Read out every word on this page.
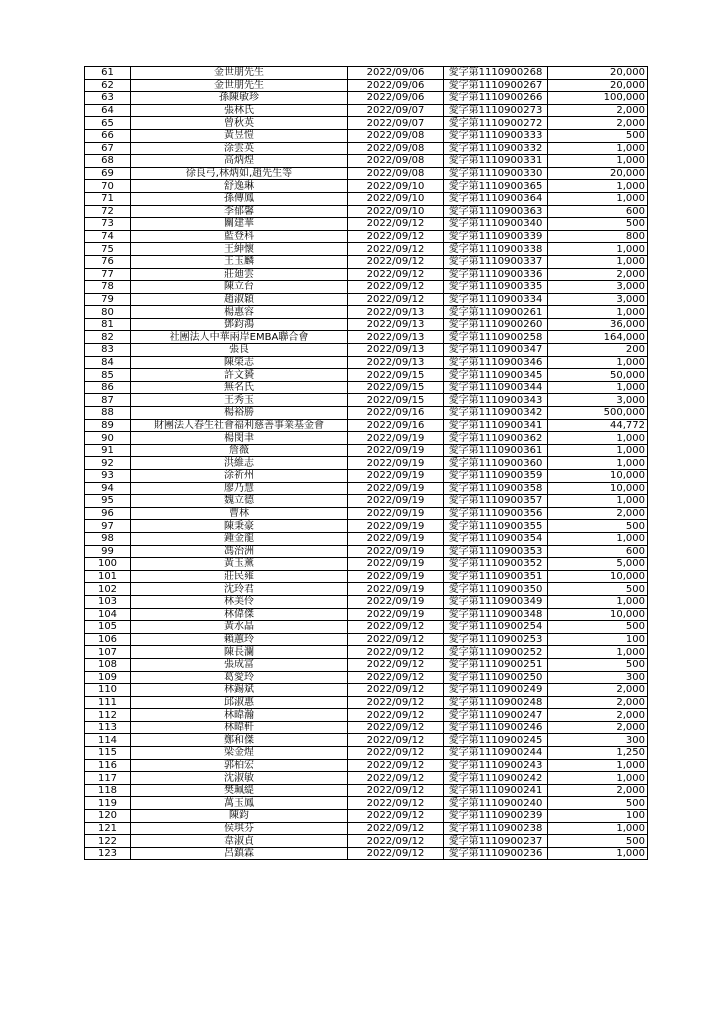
61	金世朋先生	2022/09/06	愛字第1110900268	20,000
62	金世朋先生	2022/09/06	愛字第1110900267	20,000
63	孫陳敏珍	2022/09/06	愛字第1110900266	100,000
64	張林氏	2022/09/07	愛字第1110900273	2,000
65	曾秋英	2022/09/07	愛字第1110900272	2,000
66	黃昱愷	2022/09/08	愛字第1110900333	500
67	涂雲英	2022/09/08	愛字第1110900332	1,000
68	高炳煌	2022/09/08	愛字第1110900331	1,000
69	徐良弓,林炳如,趙先生等	2022/09/08	愛字第1110900330	20,000
70	舒逸琳	2022/09/10	愛字第1110900365	1,000
71	孫傳鳳	2022/09/10	愛字第1110900364	1,000
72	李郁馨	2022/09/10	愛字第1110900363	600
73	關建華	2022/09/12	愛字第1110900340	500
74	藍登科	2022/09/12	愛字第1110900339	800
75	王紳懷	2022/09/12	愛字第1110900338	1,000
76	王玉麟	2022/09/12	愛字第1110900337	1,000
77	莊廸雲	2022/09/12	愛字第1110900336	2,000
78	陳立台	2022/09/12	愛字第1110900335	3,000
79	趙淑穎	2022/09/12	愛字第1110900334	3,000
80	楊惠容	2022/09/13	愛字第1110900261	1,000
81	鄧鈞鴻	2022/09/13	愛字第1110900260	36,000
82	社團法人中華兩岸EMBA聯合會	2022/09/13	愛字第1110900258	164,000
83	張良	2022/09/13	愛字第1110900347	200
84	陳榮志	2022/09/13	愛字第1110900346	1,000
85	許文贇	2022/09/15	愛字第1110900345	50,000
86	無名氏	2022/09/15	愛字第1110900344	1,000
87	王秀玉	2022/09/15	愛字第1110900343	3,000
88	楊裕勝	2022/09/16	愛字第1110900342	500,000
89	財團法人春生社會福利慈善事業基金會	2022/09/16	愛字第1110900341	44,772
90	楊閔聿	2022/09/19	愛字第1110900362	1,000
91	詹薇	2022/09/19	愛字第1110900361	1,000
92	洪維志	2022/09/19	愛字第1110900360	1,000
93	涂祈州	2022/09/19	愛字第1110900359	10,000
94	廖乃慧	2022/09/19	愛字第1110900358	10,000
95	魏立德	2022/09/19	愛字第1110900357	1,000
96	曹林	2022/09/19	愛字第1110900356	2,000
97	陳秉豪	2022/09/19	愛字第1110900355	500
98	鍾金龍	2022/09/19	愛字第1110900354	1,000
99	馮治洲	2022/09/19	愛字第1110900353	600
100	黃玉薰	2022/09/19	愛字第1110900352	5,000
101	莊民雍	2022/09/19	愛字第1110900351	10,000
102	沈玲君	2022/09/19	愛字第1110900350	500
103	林美伶	2022/09/19	愛字第1110900349	1,000
104	林偉傑	2022/09/19	愛字第1110900348	10,000
105	黃水晶	2022/09/12	愛字第1110900254	500
106	賴蕙玲	2022/09/12	愛字第1110900253	100
107	陳長瀾	2022/09/12	愛字第1110900252	1,000
108	張成富	2022/09/12	愛字第1110900251	500
109	葛愛玲	2022/09/12	愛字第1110900250	300
110	林錫斌	2022/09/12	愛字第1110900249	2,000
111	邱淑惠	2022/09/12	愛字第1110900248	2,000
112	林暐瀚	2022/09/12	愛字第1110900247	2,000
113	林暐軒	2022/09/12	愛字第1110900246	2,000
114	鄭和傑	2022/09/12	愛字第1110900245	300
115	梁金煋	2022/09/12	愛字第1110900244	1,250
116	郭柏宏	2022/09/12	愛字第1110900243	1,000
117	沈淑敏	2022/09/12	愛字第1110900242	1,000
118	樊珮緹	2022/09/12	愛字第1110900241	2,000
119	萬玉鳳	2022/09/12	愛字第1110900240	500
120	陳鈞	2022/09/12	愛字第1110900239	100
121	侯琪芬	2022/09/12	愛字第1110900238	1,000
122	韋淑貞	2022/09/12	愛字第1110900237	500
123	呂鎮霖	2022/09/12	愛字第1110900236	1,000
